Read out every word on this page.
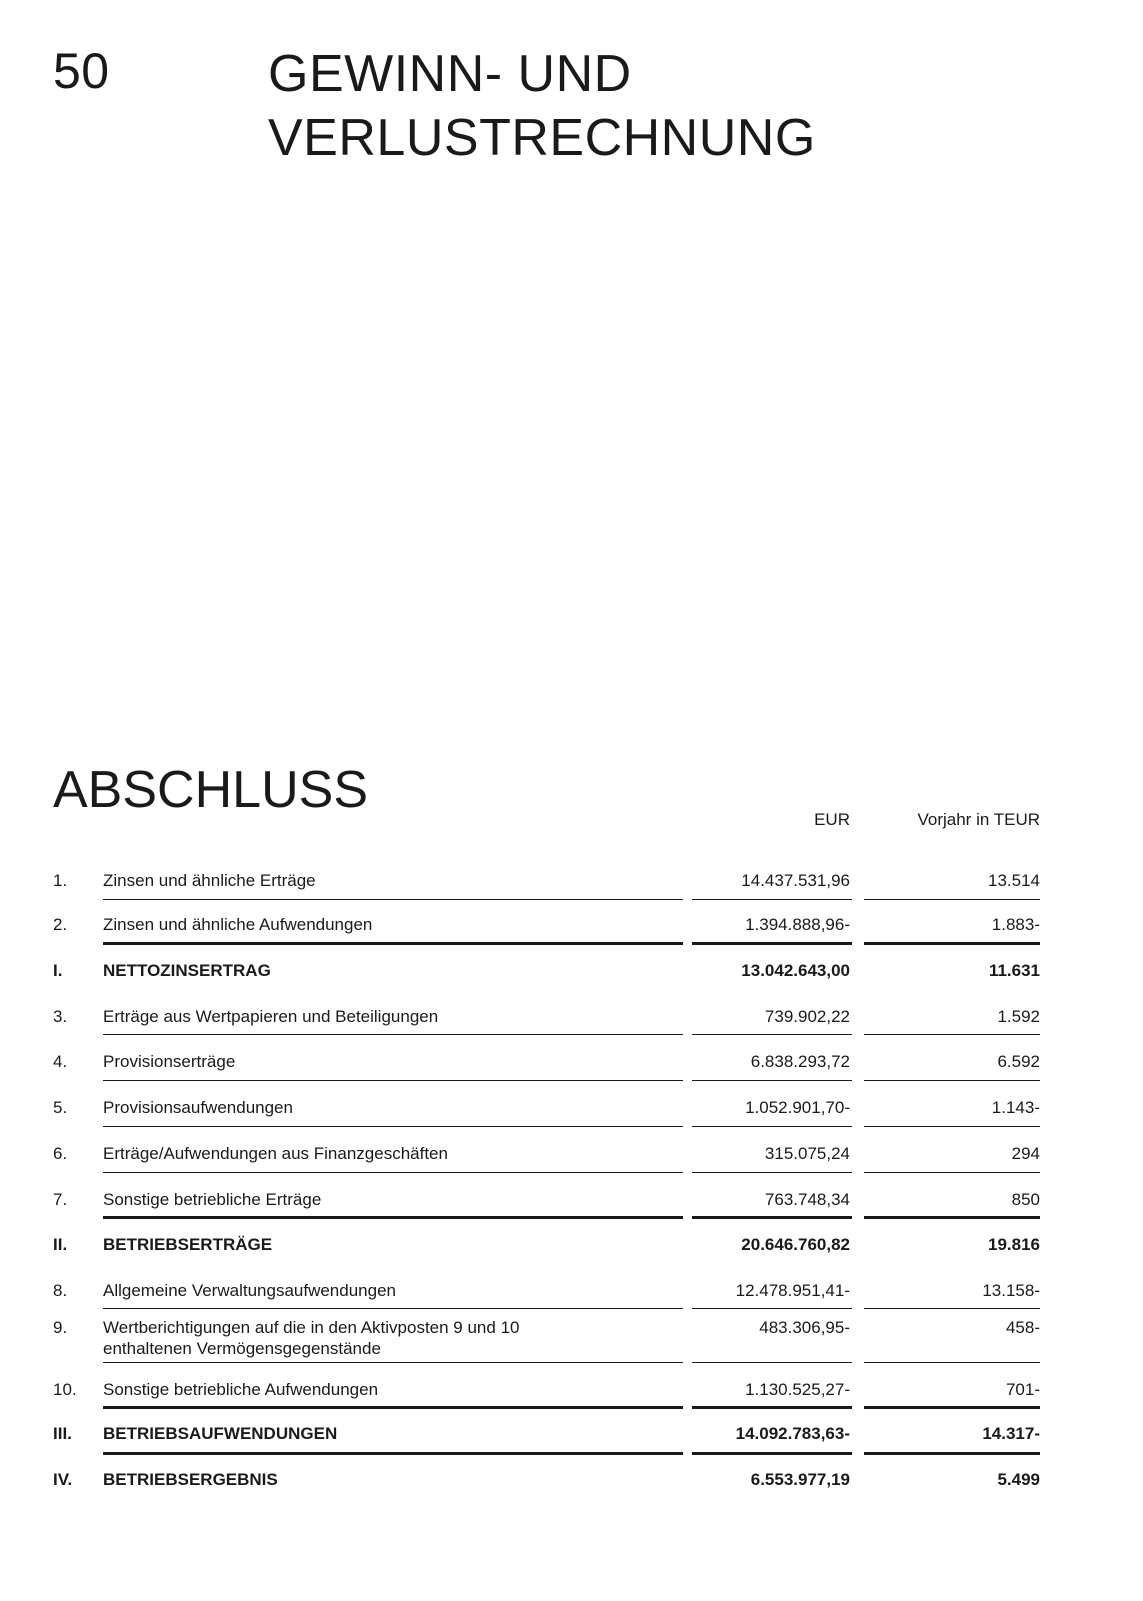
50	GEWINN- UND
VERLUSTRECHNUNG
ABSCHLUSS
EUR	Vorjahr in TEUR
1. Zinsen und ähnliche Erträge	14.437.531,96	13.514
2. Zinsen und ähnliche Aufwendungen	1.394.888,96-	1.883-
I. NETTOZINSERTRAG	13.042.643,00	11.631
3. Erträge aus Wertpapieren und Beteiligungen	739.902,22	1.592
4. Provisionserträge	6.838.293,72	6.592
5. Provisionsaufwendungen	1.052.901,70-	1.143-
6. Erträge/Aufwendungen aus Finanzgeschäften	315.075,24	294
7. Sonstige betriebliche Erträge	763.748,34	850
II. BETRIEBSERTRÄGE	20.646.760,82	19.816
8. Allgemeine Verwaltungsaufwendungen	12.478.951,41-	13.158-
9. Wertberichtigungen auf die in den Aktivposten 9 und 10
enthaltenen Vermögensgegenstände
483.306,95-	458-
10. Sonstige betriebliche Aufwendungen	1.130.525,27-	701-
III. BETRIEBSAUFWENDUNGEN	14.092.783,63-	14.317-
IV. BETRIEBSERGEBNIS	6.553.977,19	5.499
